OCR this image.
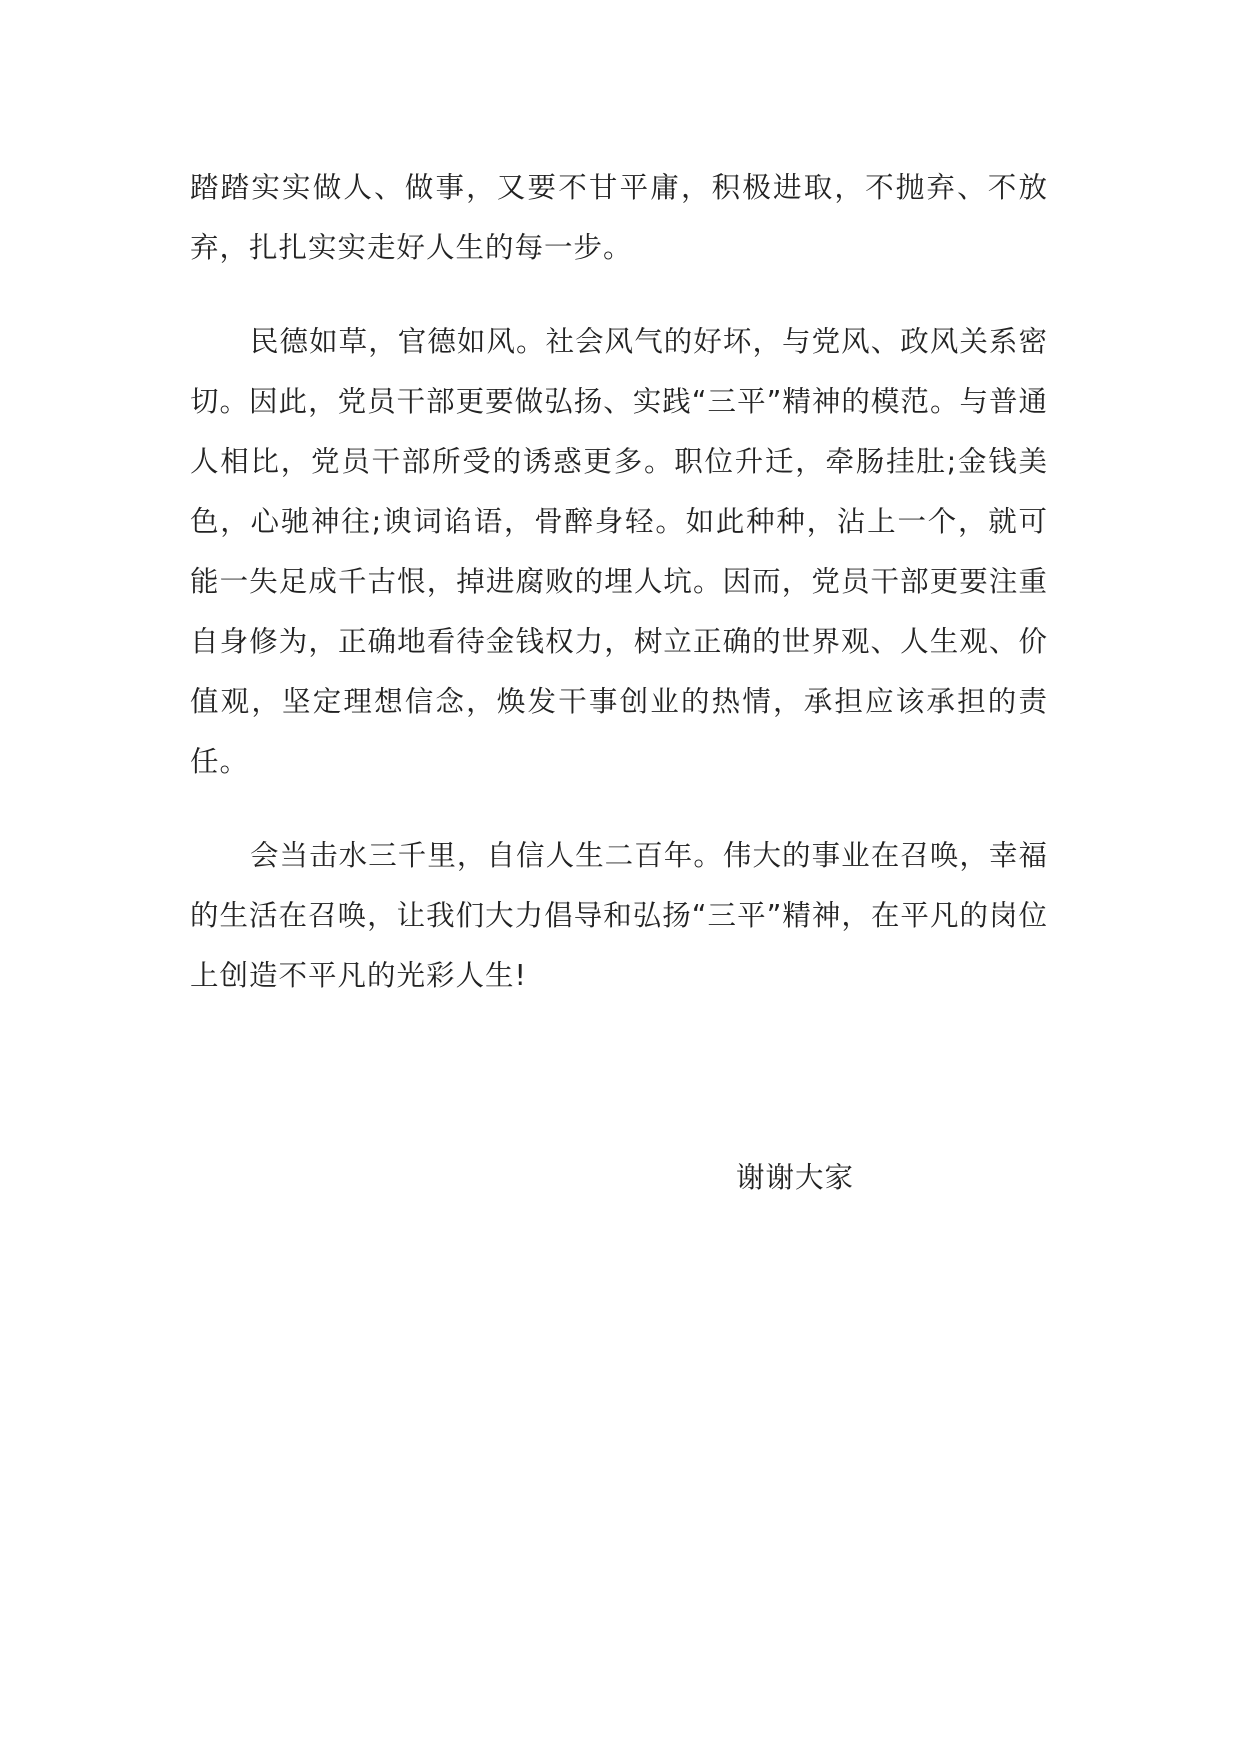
踏踏实实做人、做事，又要不甘平庸，积极进取，不抛弃、不放弃，扎扎实实走好人生的每一步。

民德如草，官德如风。社会风气的好坏，与党风、政风关系密切。因此，党员干部更要做弘扬、实践“三平”精神的模范。与普通人相比，党员干部所受的诱惑更多。职位升迁，牵肠挂肚;金钱美色，心驰神往;谀词谄语，骨醉身轻。如此种种，沾上一个，就可能一失足成千古恨，掉进腐败的埋人坑。因而，党员干部更要注重自身修为，正确地看待金钱权力，树立正确的世界观、人生观、价值观，坚定理想信念，焕发干事创业的热情，承担应该承担的责任。

会当击水三千里，自信人生二百年。伟大的事业在召唤，幸福的生活在召唤，让我们大力倡导和弘扬“三平”精神，在平凡的岗位上创造不平凡的光彩人生!

谢谢大家
